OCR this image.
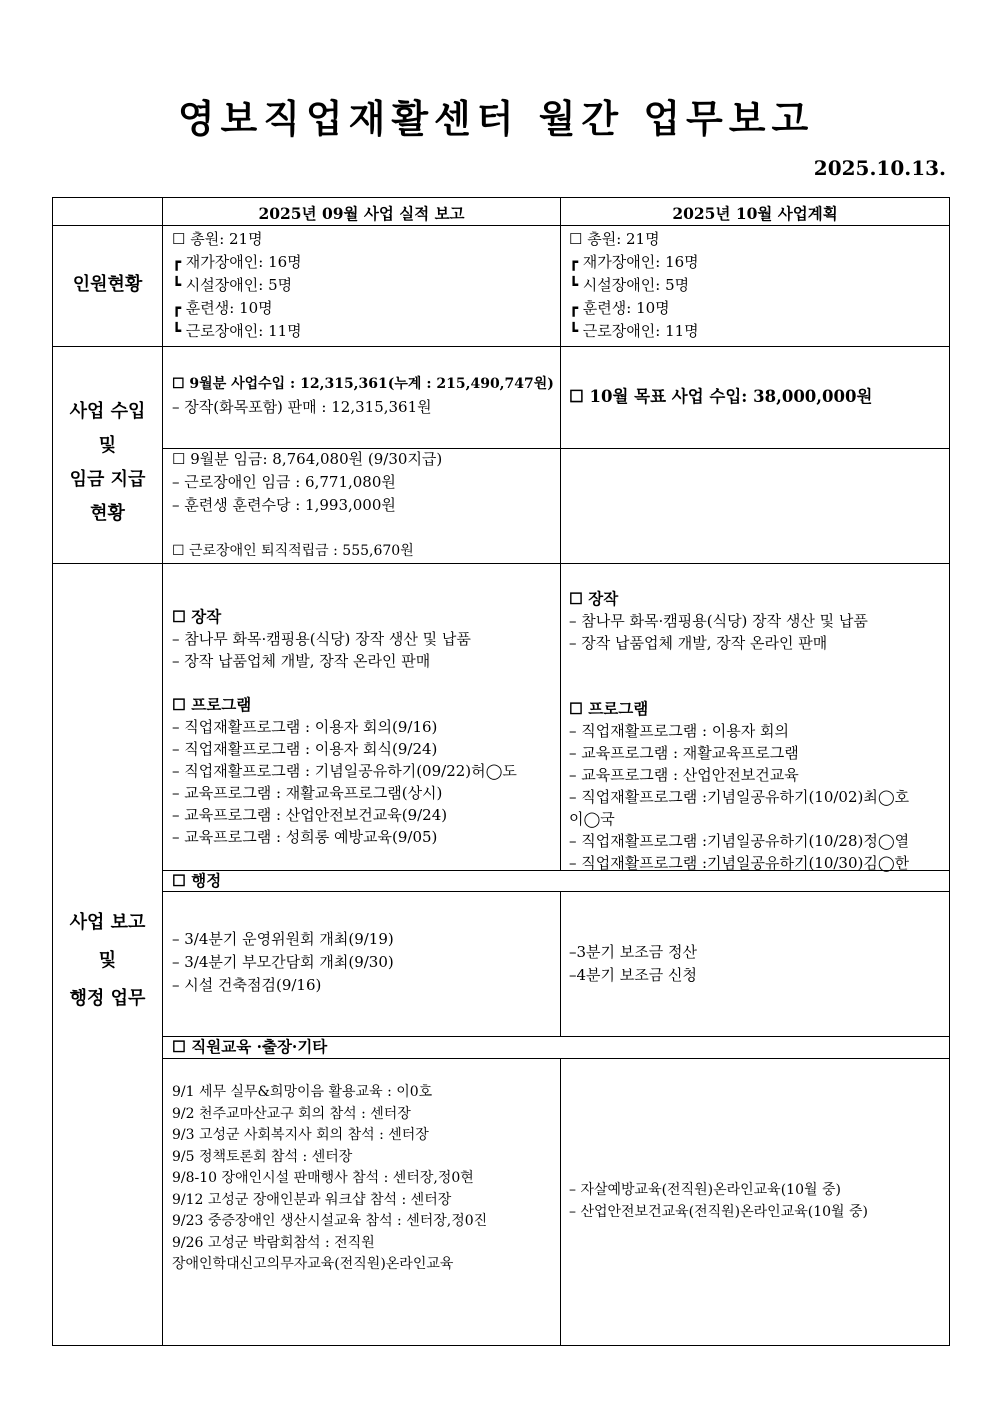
영보직업재활센터 월간 업무보고
2025.10.13.
2025년 09월 사업 실적 보고	2025년 10월 사업계획
인원현황
사업 수입
및
임금 지급
현황
사업 보고
및
행정 업무
☐ 총원: 21명
┏ 재가장애인: 16명
┗ 시설장애인: 5명
┏ 훈련생: 10명
┗ 근로장애인: 11명
☐ 총원: 21명
┏ 재가장애인: 16명
┗ 시설장애인: 5명
┏ 훈련생: 10명
┗ 근로장애인: 11명
☐ 9월분 사업수입 : 12,315,361(누계 : 215,490,747원)
– 장작(화목포함) 판매 : 12,315,361원
☐ 10월 목표 사업 수입: 38,000,000원
☐ 9월분 임금: 8,764,080원 (9/30지급)
– 근로장애인 임금 : 6,771,080원
– 훈련생 훈련수당 : 1,993,000원

☐ 근로장애인 퇴직적립금 : 555,670원
☐ 장작
– 참나무 화목·캠핑용(식당) 장작 생산 및 납품
– 장작 납품업체 개발, 장작 온라인 판매

☐ 프로그램
– 직업재활프로그램 : 이용자 회의(9/16)
– 직업재활프로그램 : 이용자 회식(9/24)
– 직업재활프로그램 : 기념일공유하기(09/22)허◯도
– 교육프로그램 : 재활교육프로그램(상시)
– 교육프로그램 : 산업안전보건교육(9/24)
– 교육프로그램 : 성희롱 예방교육(9/05)
☐ 장작
– 참나무 화목·캠핑용(식당) 장작 생산 및 납품
– 장작 납품업체 개발, 장작 온라인 판매

☐ 프로그램
– 직업재활프로그램 : 이용자 회의
– 교육프로그램 : 재활교육프로그램
– 교육프로그램 : 산업안전보건교육
– 직업재활프로그램 :기념일공유하기(10/02)최◯호
이◯국
– 직업재활프로그램 :기념일공유하기(10/28)정◯열
– 직업재활프로그램 :기념일공유하기(10/30)김◯한
☐ 행정
– 3/4분기 운영위원회 개최(9/19)
– 3/4분기 부모간담회 개최(9/30)
– 시설 건축점검(9/16)
–3분기 보조금 정산
–4분기 보조금 신청
☐ 직원교육 ·출장·기타
9/1 세무 실무&희망이음 활용교육 : 이0호
9/2 천주교마산교구 회의 참석 : 센터장
9/3 고성군 사회복지사 회의 참석 : 센터장
9/5 정책토론회 참석 : 센터장
9/8-10 장애인시설 판매행사 참석 : 센터장,정0현
9/12 고성군 장애인분과 워크샵 참석 : 센터장
9/23 중증장애인 생산시설교육 참석 : 센터장,정0진
9/26 고성군 박람회참석 : 전직원
장애인학대신고의무자교육(전직원)온라인교육
– 자살예방교육(전직원)온라인교육(10월 중)
– 산업안전보건교육(전직원)온라인교육(10월 중)
